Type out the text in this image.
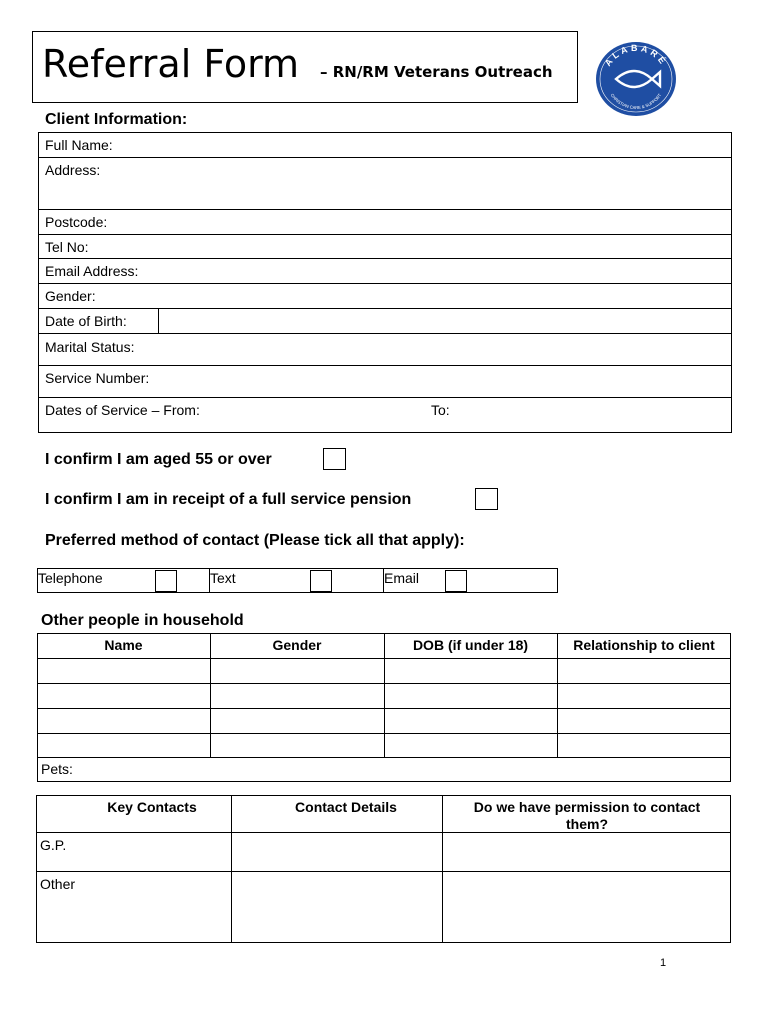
Referral Form – RN/RM Veterans Outreach
ALABARÉ
CHRISTIAN CARE & SUPPORT
Client Information:
Full Name:
Address:
Postcode:
Tel No:
Email Address:
Gender:
Date of Birth:
Marital Status:
Service Number:
Dates of Service – From:	To:
I confirm I am aged 55 or over
I confirm I am in receipt of a full service pension
Preferred method of contact (Please tick all that apply):
Telephone	Text	Email
Other people in household
Name	Gender	DOB (if under 18)	Relationship to client
Pets:
Key Contacts	Contact Details	Do we have permission to contact them?
G.P.
Other
1
